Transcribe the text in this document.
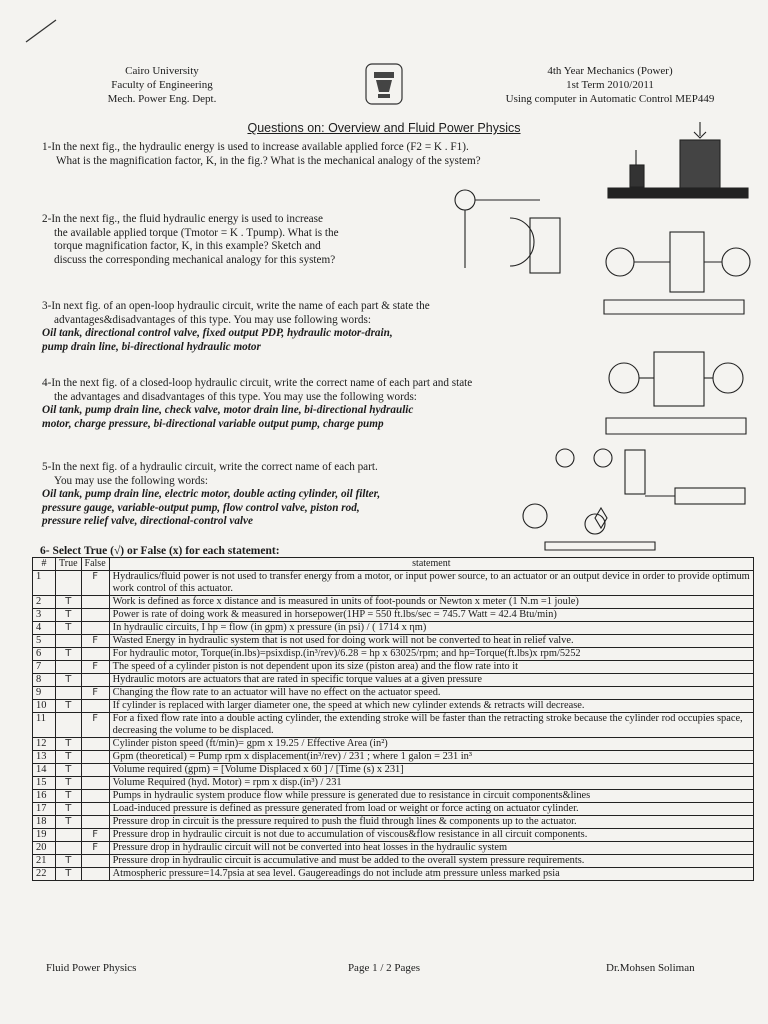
Cairo University
Faculty of Engineering
Mech. Power Eng. Dept.
4th Year Mechanics (Power)
1st Term 2010/2011
Using computer in Automatic Control MEP449
Questions on: Overview and Fluid Power Physics
1-In the next fig., the hydraulic energy is used to increase available applied force (F2 = K . F1).
What is the magnification factor, K, in the fig.? What is the mechanical analogy of the system?
2-In the next fig., the fluid hydraulic energy is used to increase
the available applied torque (Tmotor = K . Tpump). What is the
torque magnification factor, K, in this example? Sketch and
discuss the corresponding mechanical analogy for this system?
3-In next fig. of an open-loop hydraulic circuit, write the name of each part & state the
advantages&disadvantages of this type. You may use following words:
Oil tank, directional control valve, fixed output PDP, hydraulic motor-drain,
pump drain line, bi-directional hydraulic motor
4-In the next fig. of a closed-loop hydraulic circuit, write the correct name of each part and state
the advantages and disadvantages of this type. You may use the following words:
Oil tank, pump drain line, check valve, motor drain line, bi-directional hydraulic
motor, charge pressure, bi-directional variable output pump, charge pump
5-In the next fig. of a hydraulic circuit, write the correct name of each part.
You may use the following words:
Oil tank, pump drain line, electric motor, double acting cylinder, oil filter,
pressure gauge, variable-output pump, flow control valve, piston rod,
pressure relief valve, directional-control valve
6- Select True (√) or False (x) for each statement:
#	True	False	statement
1		F	Hydraulics/fluid power is not used to transfer energy from a motor, or input power source, to an actuator or an output device in order to provide optimum work control of this actuator.
2	T		Work is defined as force x distance and is measured in units of foot-pounds or Newton x meter (1 N.m =1 joule)
3	T		Power is rate of doing work & measured in horsepower(1HP = 550 ft.lbs/sec = 745.7 Watt = 42.4 Btu/min)
4	T		In hydraulic circuits, I hp = flow (in gpm) x pressure (in psi) / ( 1714 x ηm)
5		F	Wasted Energy in hydraulic system that is not used for doing work will not be converted to heat in relief valve.
6	T		For hydraulic motor, Torque(in.lbs)=psixdisp.(in³/rev)/6.28 = hp x 63025/rpm; and hp=Torque(ft.lbs)x rpm/5252
7		F	The speed of a cylinder piston is not dependent upon its size (piston area) and the flow rate into it
8	T		Hydraulic motors are actuators that are rated in specific torque values at a given pressure
9		F	Changing the flow rate to an actuator will have no effect on the actuator speed.
10	T		If cylinder is replaced with larger diameter one, the speed at which new cylinder extends & retracts will decrease.
11		F	For a fixed flow rate into a double acting cylinder, the extending stroke will be faster than the retracting stroke because the cylinder rod occupies space, decreasing the volume to be displaced.
12	T		Cylinder piston speed (ft/min)= gpm x 19.25 / Effective Area (in²)
13	T		Gpm (theoretical) = Pump rpm x displacement(in³/rev) / 231 ; where 1 galon = 231 in³
14	T		Volume required (gpm) = [Volume Displaced x 60 ] / [Time (s) x 231]
15	T		Volume Required (hyd. Motor) = rpm x disp.(in³) / 231
16	T		Pumps in hydraulic system produce flow while pressure is generated due to resistance in circuit components&lines
17	T		Load-induced pressure is defined as pressure generated from load or weight or force acting on actuator cylinder.
18	T		Pressure drop in circuit is the pressure required to push the fluid through lines & components up to the actuator.
19		F	Pressure drop in hydraulic circuit is not due to accumulation of viscous&flow resistance in all circuit components.
20		F	Pressure drop in hydraulic circuit will not be converted into heat losses in the hydraulic system
21	T		Pressure drop in hydraulic circuit is accumulative and must be added to the overall system pressure requirements.
22	T		Atmospheric pressure=14.7psia at sea level. Gaugereadings do not include atm pressure unless marked psia
Fluid Power Physics	Page 1 / 2 Pages	Dr.Mohsen Soliman
